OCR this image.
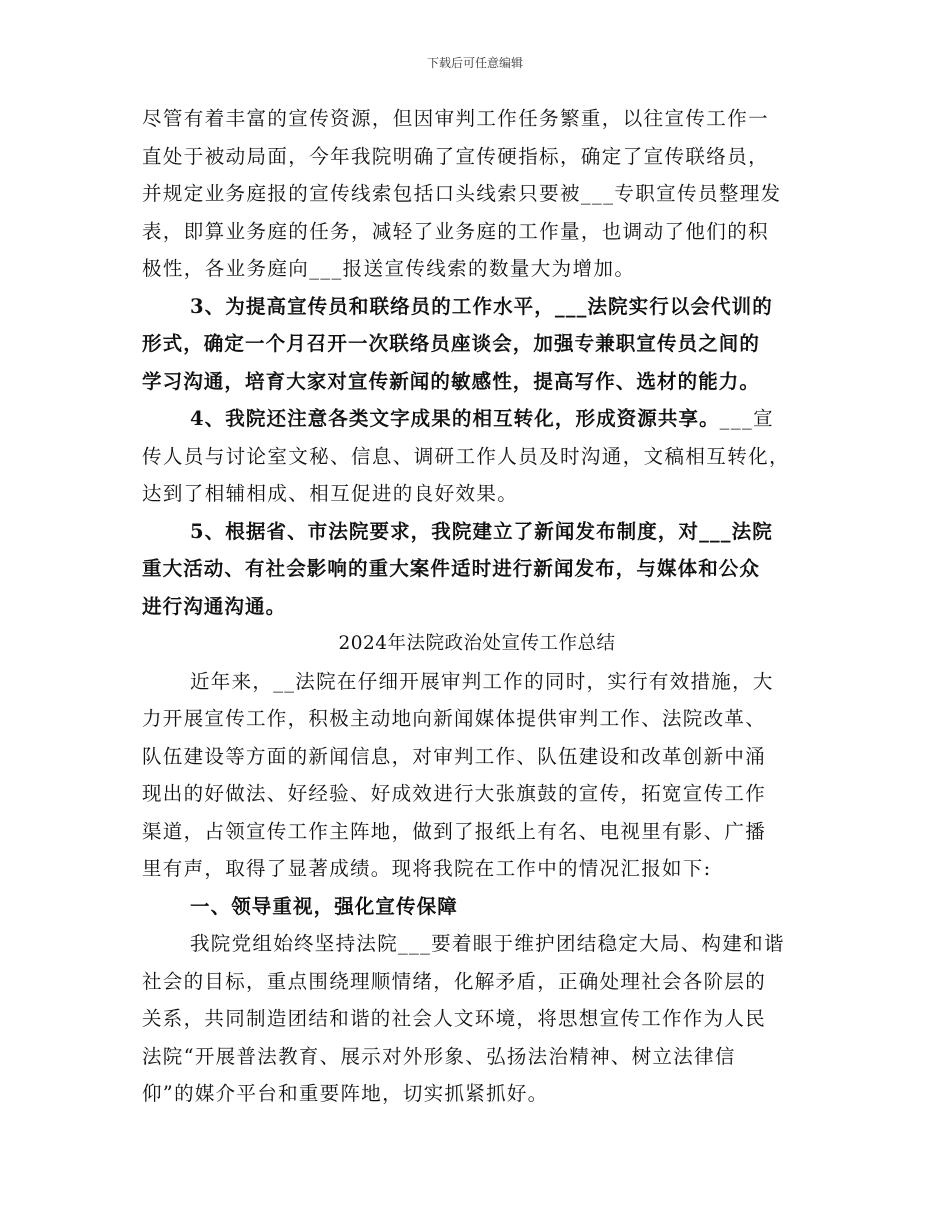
下载后可任意编辑
尽管有着丰富的宣传资源，但因审判工作任务繁重，以往宣传工作一
直处于被动局面，今年我院明确了宣传硬指标，确定了宣传联络员，
并规定业务庭报的宣传线索包括口头线索只要被___专职宣传员整理发
表，即算业务庭的任务，减轻了业务庭的工作量，也调动了他们的积
极性，各业务庭向___报送宣传线索的数量大为增加。
3、为提高宣传员和联络员的工作水平，___法院实行以会代训的
形式，确定一个月召开一次联络员座谈会，加强专兼职宣传员之间的
学习沟通，培育大家对宣传新闻的敏感性，提高写作、选材的能力。
4、我院还注意各类文字成果的相互转化，形成资源共享。___宣
传人员与讨论室文秘、信息、调研工作人员及时沟通，文稿相互转化，
达到了相辅相成、相互促进的良好效果。
5、根据省、市法院要求，我院建立了新闻发布制度，对___法院
重大活动、有社会影响的重大案件适时进行新闻发布，与媒体和公众
进行沟通沟通。
2024年法院政治处宣传工作总结
近年来，__法院在仔细开展审判工作的同时，实行有效措施，大
力开展宣传工作，积极主动地向新闻媒体提供审判工作、法院改革、
队伍建设等方面的新闻信息，对审判工作、队伍建设和改革创新中涌
现出的好做法、好经验、好成效进行大张旗鼓的宣传，拓宽宣传工作
渠道，占领宣传工作主阵地，做到了报纸上有名、电视里有影、广播
里有声，取得了显著成绩。现将我院在工作中的情况汇报如下:
一、领导重视，强化宣传保障
我院党组始终坚持法院___要着眼于维护团结稳定大局、构建和谐
社会的目标，重点围绕理顺情绪，化解矛盾，正确处理社会各阶层的
关系，共同制造团结和谐的社会人文环境，将思想宣传工作作为人民
法院“开展普法教育、展示对外形象、弘扬法治精神、树立法律信
仰”的媒介平台和重要阵地，切实抓紧抓好。
